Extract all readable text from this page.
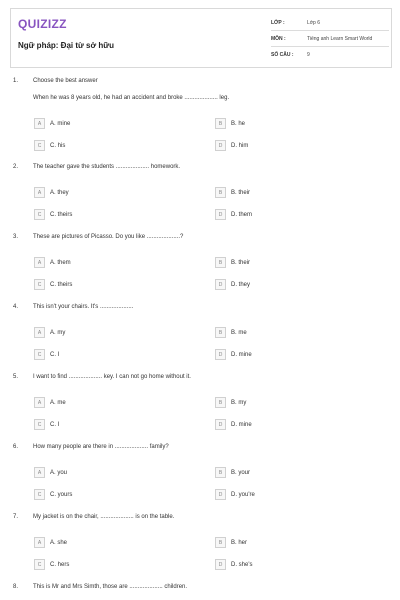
QUIZIZZ
Ngữ pháp: Đại từ sở hữu
LỚP :	Lớp 6
MÔN :	Tiếng anh Learn Smart World
SỐ CÂU :	9
1.	Choose the best answer
When he was 8 years old, he had an accident and broke .................... leg.
A	A. mine	B	B. he
C	C. his	D	D. him
2.	The teacher gave the students .................... homework.
A	A. they	B	B. their
C	C. theirs	D	D. them
3.	These are pictures of Picasso. Do you like ....................?
A	A. them	B	B. their
C	C. theirs	D	D. they
4.	This isn't your chairs. It's ....................
A	A. my	B	B. me
C	C. I	D	D. mine
5.	I want to find .................... key. I can not go home without it.
A	A. me	B	B. my
C	C. I	D	D. mine
6.	How many people are there in .................... family?
A	A. you	B	B. your
C	C. yours	D	D. you're
7.	My jacket is on the chair, .................... is on the table.
A	A. she	B	B. her
C	C. hers	D	D. she's
8.	This is Mr and Mrs Simth, those are .................... children.
